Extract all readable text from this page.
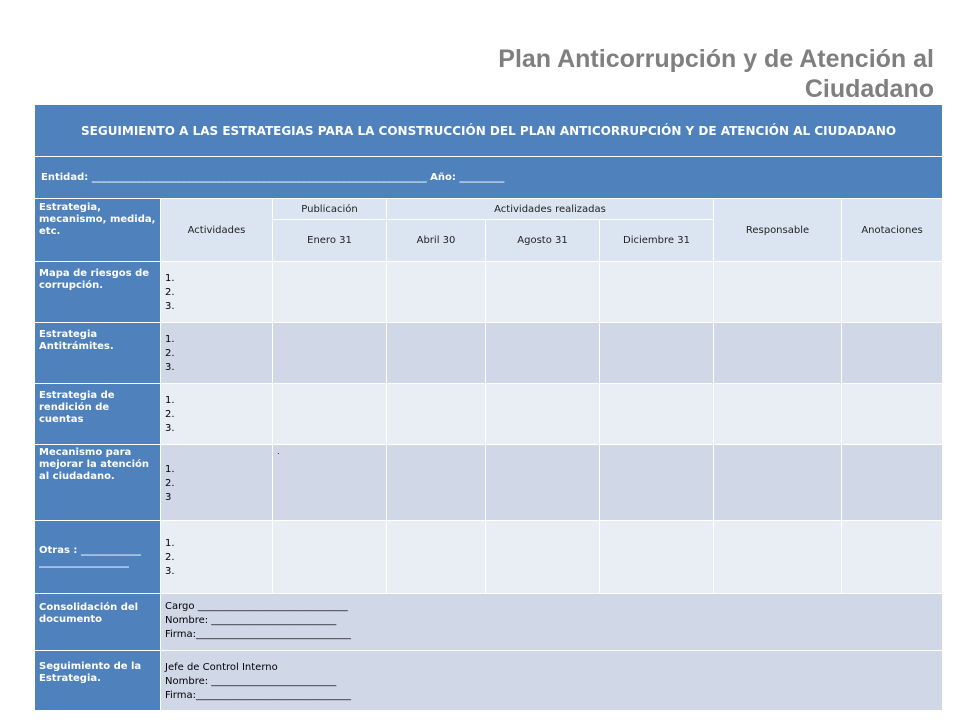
Plan Anticorrupción y de Atención al Ciudadano
SEGUIMIENTO A LAS ESTRATEGIAS PARA LA CONSTRUCCIÓN DEL PLAN ANTICORRUPCIÓN Y DE ATENCIÓN AL CIUDADANO							
Entidad: ___________________________________________________________________ Año: _________							
Estrategia, mecanismo, medida, etc.	Actividades	Publicación	Actividades realizadas			Responsable	Anotaciones
		Enero 31	Abril 30	Agosto 31	Diciembre 31		
Mapa de riesgos de corrupción.	1.
2.
3.						

Estrategia Antitrámites.	1.
2.
3.						

Estrategia de rendición de cuentas	1.
2.
3.						

Mecanismo para mejorar la atención al ciudadano.	1.
2.
3	.					
Otras : ____________ __________________	1.
2.
3.						

Consolidación del documento	Cargo ______________________________
Nombre: _________________________
Firma:_______________________________						

Seguimiento de la Estrategia.	Jefe de Control Interno
Nombre: _________________________
Firma:_______________________________						
